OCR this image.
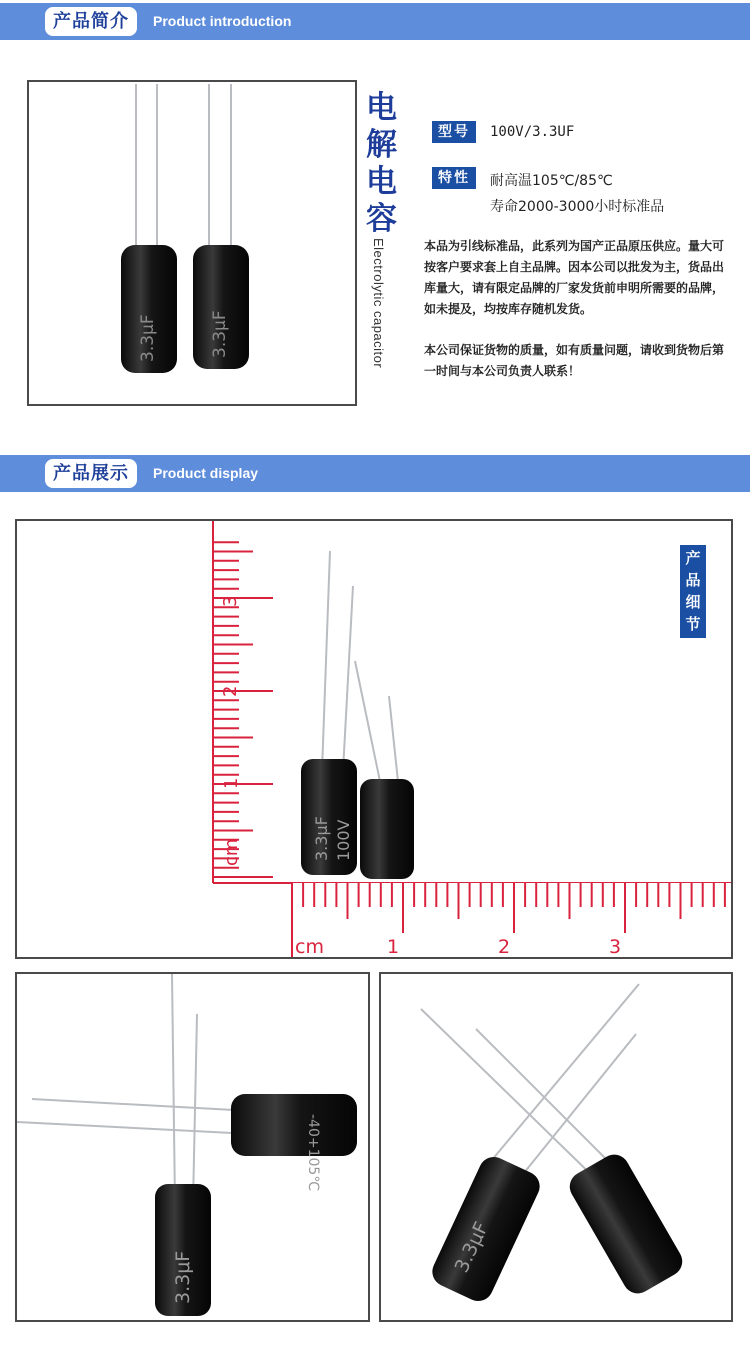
产品简介	Product introduction
3.3μF	3.3μF
电
解
电
容
Electrolytic capacitor
型号	100V/3.3UF
特性	耐高温105℃/85℃
寿命2000-3000小时标准品
本品为引线标准品，此系列为国产正品原压供应。量大可按客户要求套上自主品牌。因本公司以批发为主，货品出库量大，请有限定品牌的厂家发货前申明所需要的品牌，如未提及，均按库存随机发货。
本公司保证货物的质量，如有质量问题，请收到货物后第一时间与本公司负责人联系！
产品展示	Product display
cm
1
2
3
cm	1	2	3
3.3μF 100V
产
品
细
节
3.3μF
-40+105℃
3.3μF
